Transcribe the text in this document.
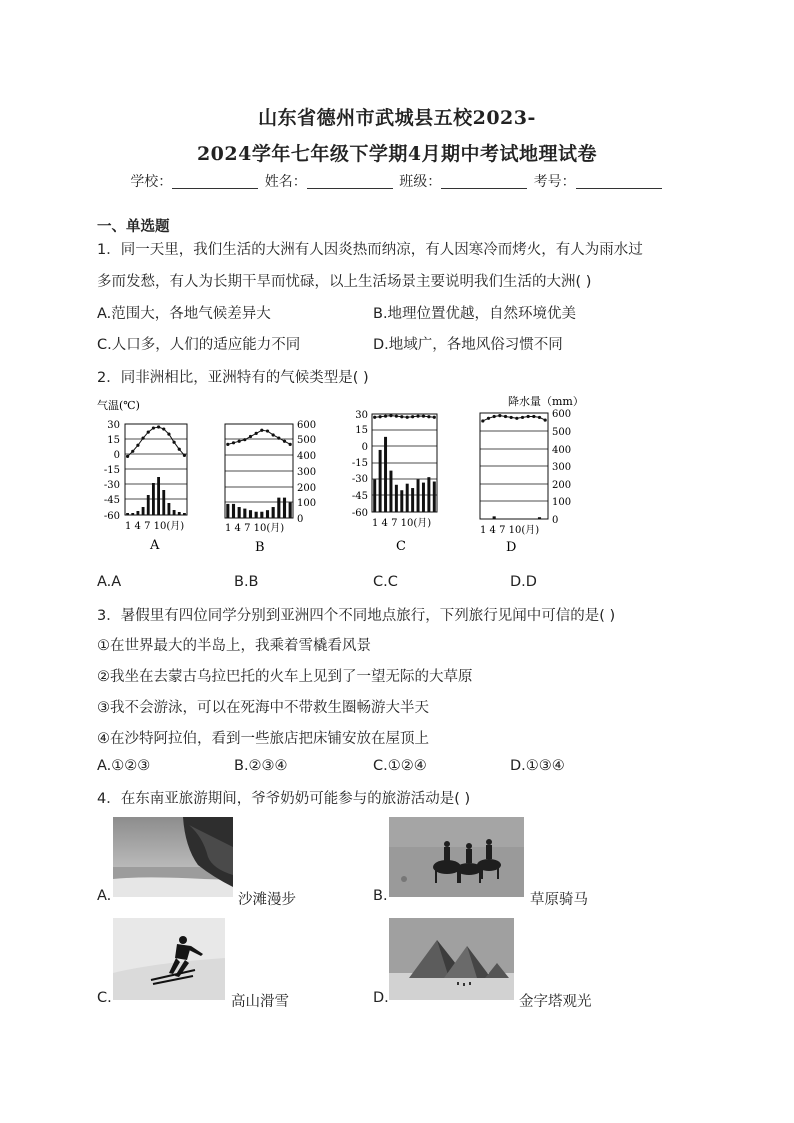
山东省德州市武城县五校2023-
2024学年七年级下学期4月期中考试地理试卷
学校：	姓名：	班级：	考号：
一、单选题
1．同一天里，我们生活的大洲有人因炎热而纳凉，有人因寒冷而烤火，有人为雨水过
多而发愁，有人为长期干旱而忧碌，以上生活场景主要说明我们生活的大洲( )
A.范围大，各地气候差异大	B.地理位置优越，自然环境优美
C.人口多，人们的适应能力不同	D.地域广，各地风俗习惯不同
2．同非洲相比，亚洲特有的气候类型是( )
气温(℃)
30
15
0
-15
-30
-45
-60
1 4 7 10(月)
A
600
500
400
300
200
100
0
1 4 7 10(月)
B
30
15
0
-15
-30
-45
-60
1 4 7 10(月)
C
降水量（mm）
600
500
400
300
200
100
0
1 4 7 10(月)
D
A.A	B.B	C.C	D.D
3．暑假里有四位同学分别到亚洲四个不同地点旅行，下列旅行见闻中可信的是( )
①在世界最大的半岛上，我乘着雪橇看风景
②我坐在去蒙古乌拉巴托的火车上见到了一望无际的大草原
③我不会游泳，可以在死海中不带救生圈畅游大半天
④在沙特阿拉伯，看到一些旅店把床铺安放在屋顶上
A.①②③	B.②③④	C.①②④	D.①③④
4．在东南亚旅游期间，爷爷奶奶可能参与的旅游活动是( )
A.	沙滩漫步	B.	草原骑马
C.	高山滑雪	D.	金字塔观光
